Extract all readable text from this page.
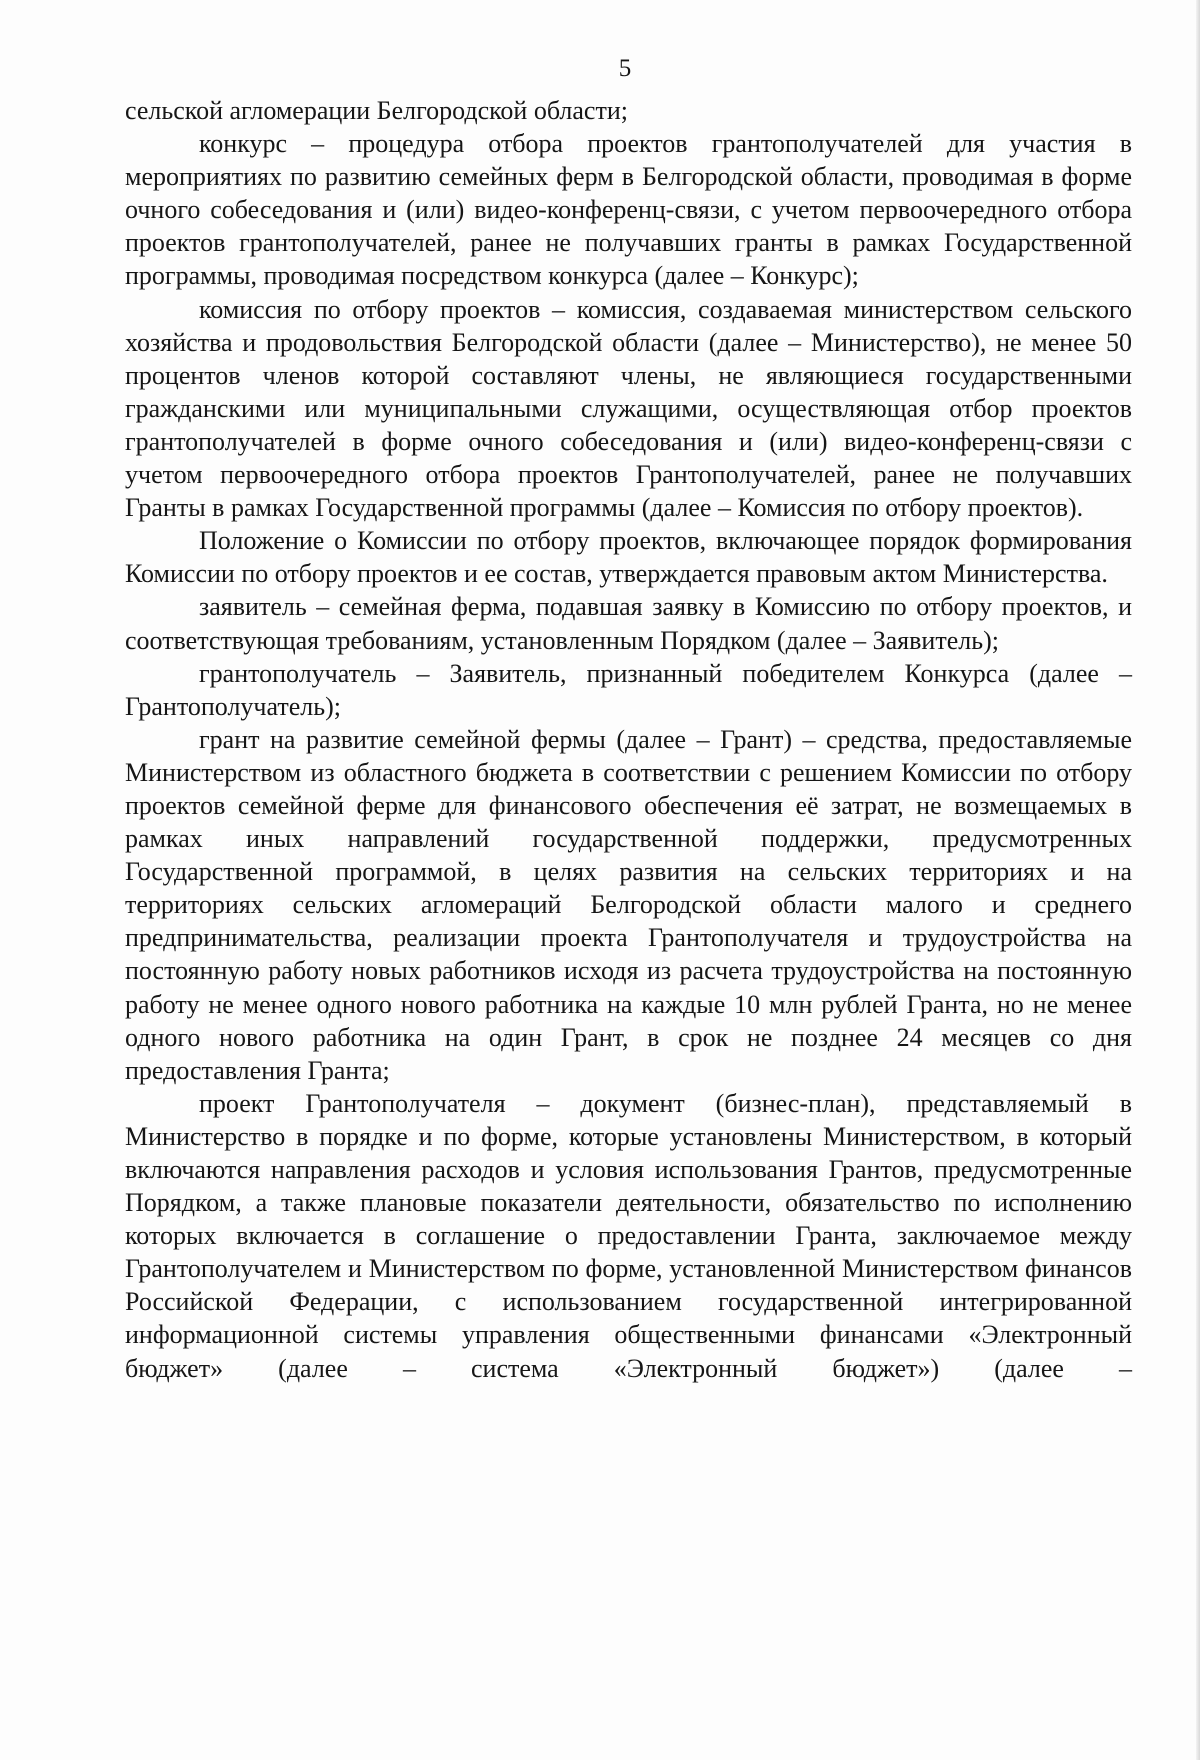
5

сельской агломерации Белгородской области;

конкурс – процедура отбора проектов грантополучателей для участия в мероприятиях по развитию семейных ферм в Белгородской области, проводимая в форме очного собеседования и (или) видео-конференц-связи, с учетом первоочередного отбора проектов грантополучателей, ранее не получавших гранты в рамках Государственной программы, проводимая посредством конкурса (далее – Конкурс);

комиссия по отбору проектов – комиссия, создаваемая министерством сельского хозяйства и продовольствия Белгородской области (далее – Министерство), не менее 50 процентов членов которой составляют члены, не являющиеся государственными гражданскими или муниципальными служащими, осуществляющая отбор проектов грантополучателей в форме очного собеседования и (или) видео-конференц-связи с учетом первоочередного отбора проектов Грантополучателей, ранее не получавших Гранты в рамках Государственной программы (далее – Комиссия по отбору проектов).

Положение о Комиссии по отбору проектов, включающее порядок формирования Комиссии по отбору проектов и ее состав, утверждается правовым актом Министерства.

заявитель – семейная ферма, подавшая заявку в Комиссию по отбору проектов, и соответствующая требованиям, установленным Порядком (далее – Заявитель);

грантополучатель – Заявитель, признанный победителем Конкурса (далее – Грантополучатель);

грант на развитие семейной фермы (далее – Грант) – средства, предоставляемые Министерством из областного бюджета в соответствии с решением Комиссии по отбору проектов семейной ферме для финансового обеспечения её затрат, не возмещаемых в рамках иных направлений государственной поддержки, предусмотренных Государственной программой, в целях развития на сельских территориях и на территориях сельских агломераций Белгородской области малого и среднего предпринимательства, реализации проекта Грантополучателя и трудоустройства на постоянную работу новых работников исходя из расчета трудоустройства на постоянную работу не менее одного нового работника на каждые 10 млн рублей Гранта, но не менее одного нового работника на один Грант, в срок не позднее 24 месяцев со дня предоставления Гранта;

проект Грантополучателя – документ (бизнес-план), представляемый в Министерство в порядке и по форме, которые установлены Министерством, в который включаются направления расходов и условия использования Грантов, предусмотренные Порядком, а также плановые показатели деятельности, обязательство по исполнению которых включается в соглашение о предоставлении Гранта, заключаемое между Грантополучателем и Министерством по форме, установленной Министерством финансов Российской Федерации, с использованием государственной интегрированной информационной системы управления общественными финансами «Электронный бюджет» (далее – система «Электронный бюджет») (далее –
